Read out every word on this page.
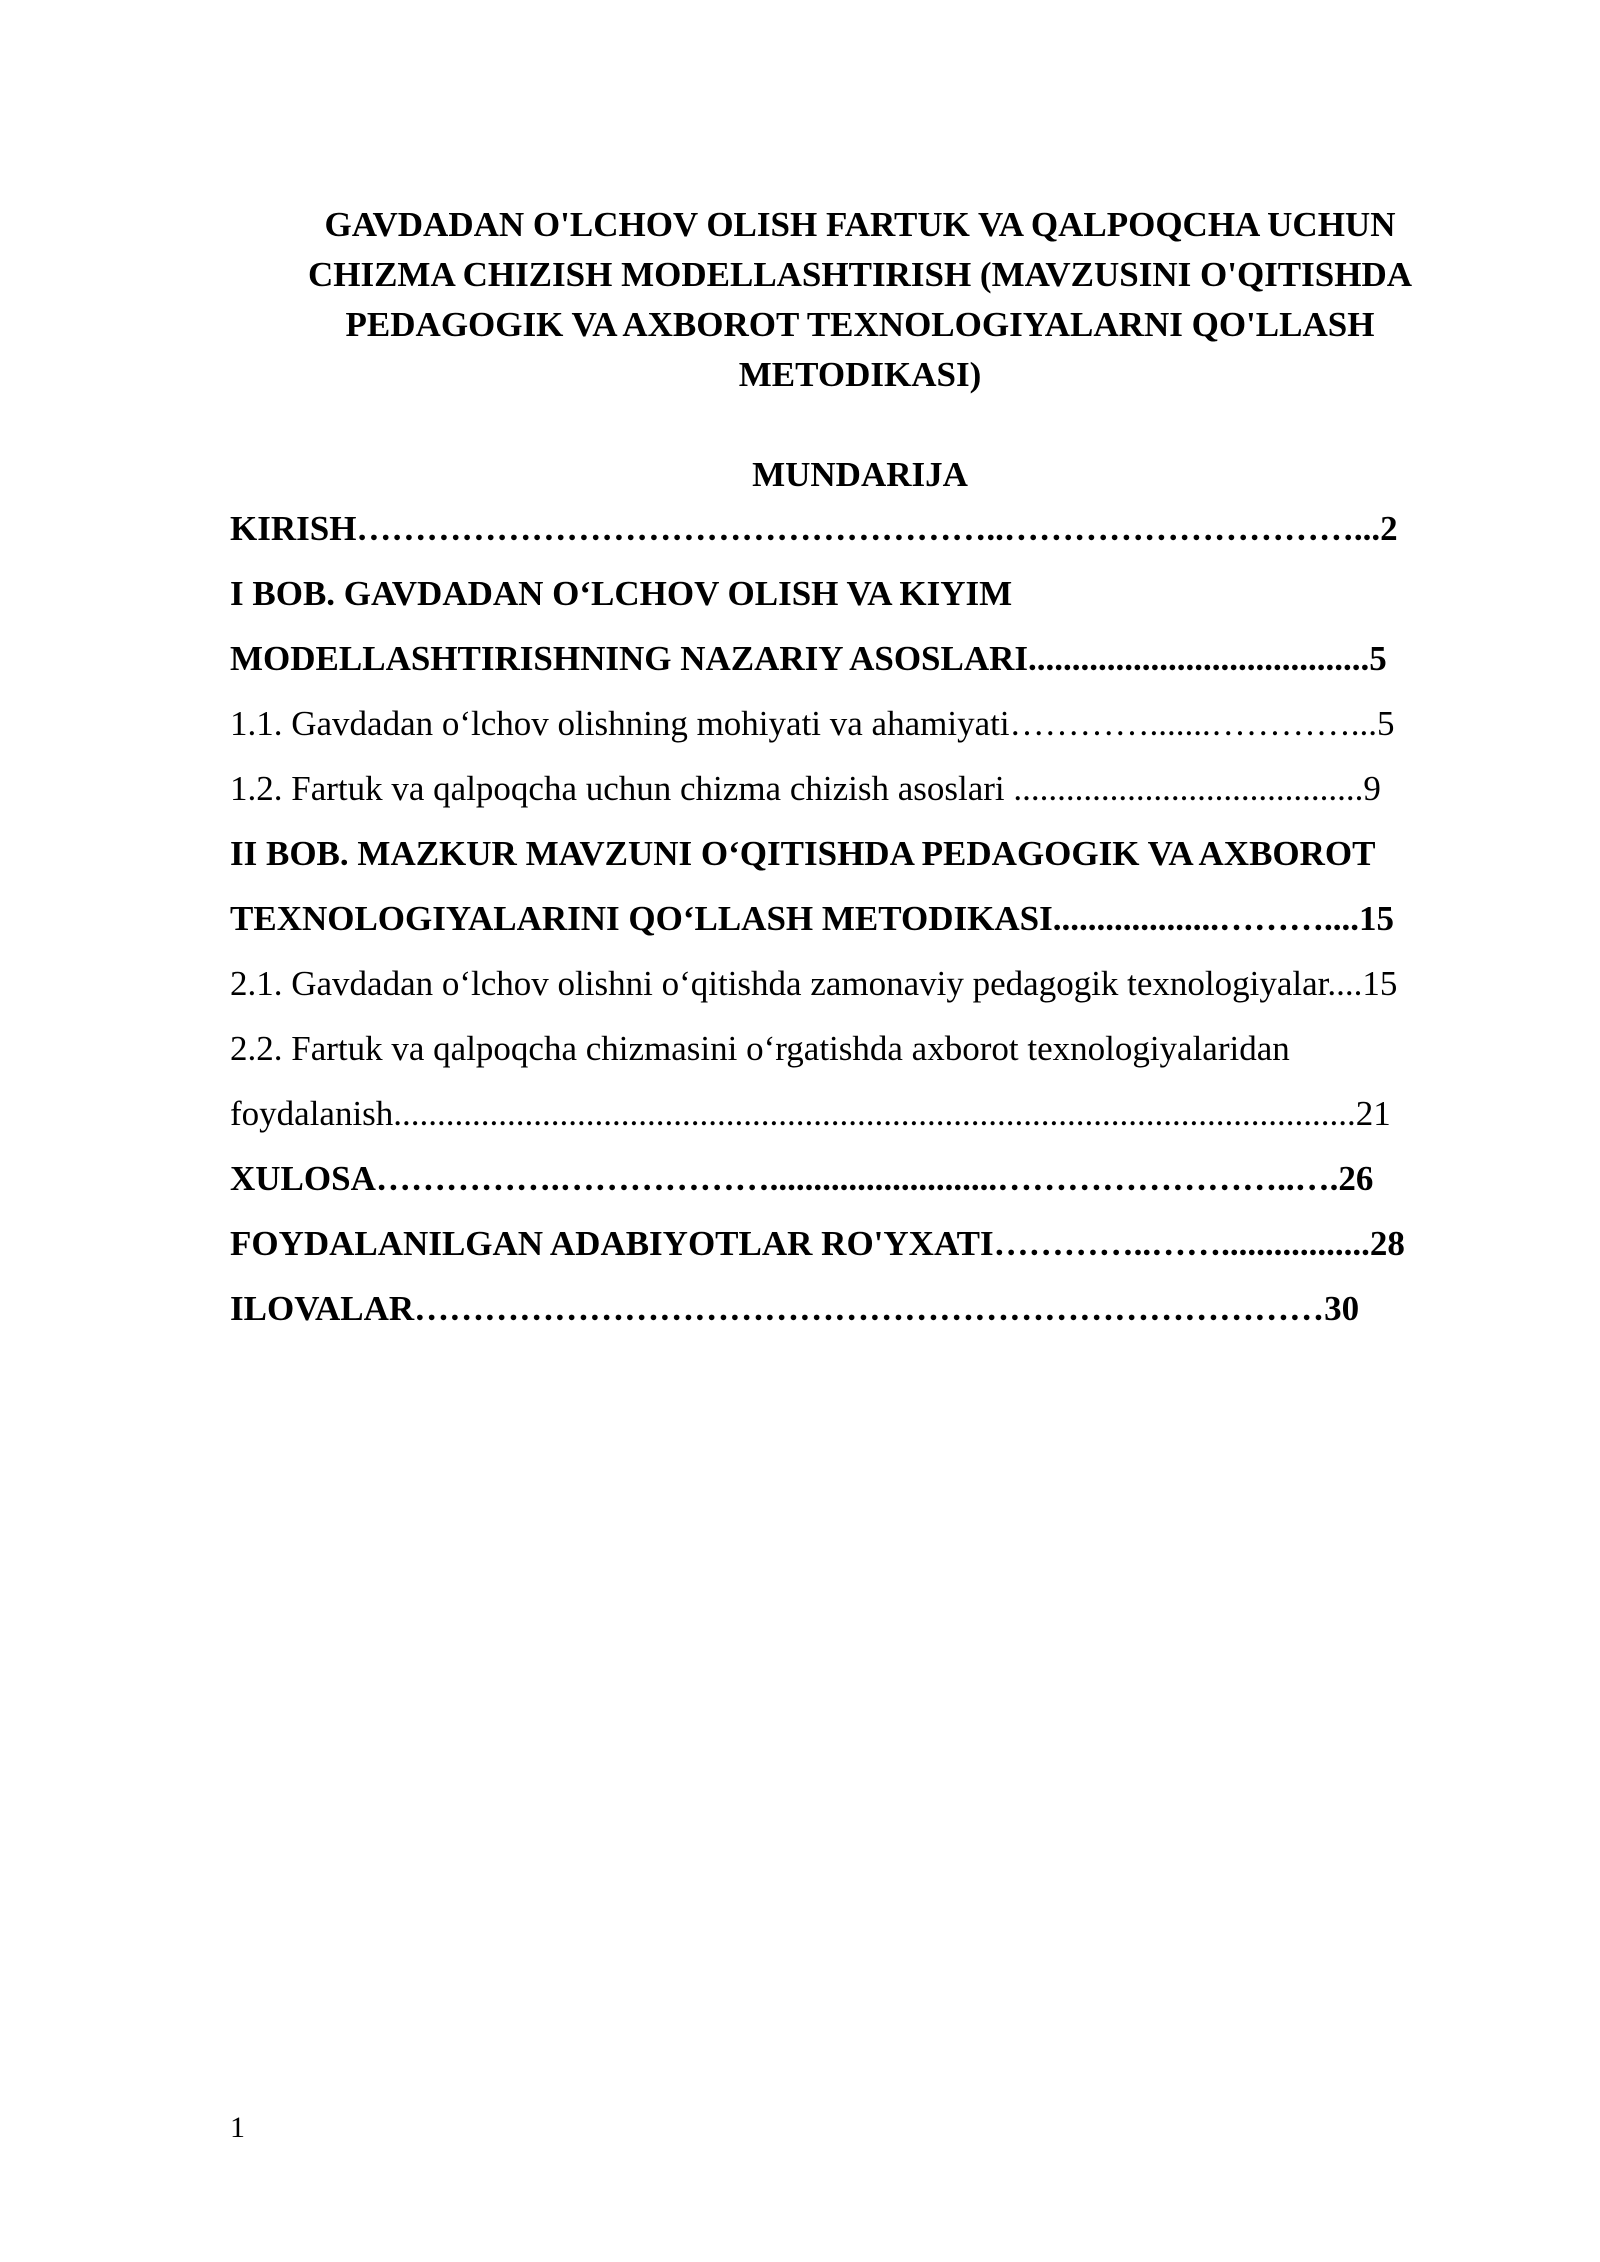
GAVDADAN O'LCHOV OLISH FARTUK VA QALPOQCHA UCHUN
CHIZMA CHIZISH MODELLASHTIRISH (MAVZUSINI O'QITISHDA
PEDAGOGIK VA AXBOROT TEXNOLOGIYALARNI QO'LLASH
METODIKASI)
MUNDARIJA
KIRISH………………………………………………..…………………………...2
I BOB. GAVDADAN O‘LCHOV OLISH VA KIYIM
MODELLASHTIRISHNING NAZARIY ASOSLARI.......................................5
1.1. Gavdadan o‘lchov olishning mohiyati va ahamiyati………….......…………...5
1.2. Fartuk va qalpoqcha uchun chizma chizish asoslari ........................................9
II BOB. MAZKUR MAVZUNI O‘QITISHDA PEDAGOGIK VA AXBOROT
TEXNOLOGIYALARINI QO‘LLASH METODIKASI...................………....15
2.1. Gavdadan o‘lchov olishni o‘qitishda zamonaviy pedagogik texnologiyalar....15
2.2. Fartuk va qalpoqcha chizmasini o‘rgatishda axborot texnologiyalaridan
foydalanish..............................................................................................................21
XULOSA…………….………………..........................……………………..….26
FOYDALANILGAN ADABIYOTLAR RO'YXATI…………..…….................28
ILOVALAR……………………………………………………………………30
1
